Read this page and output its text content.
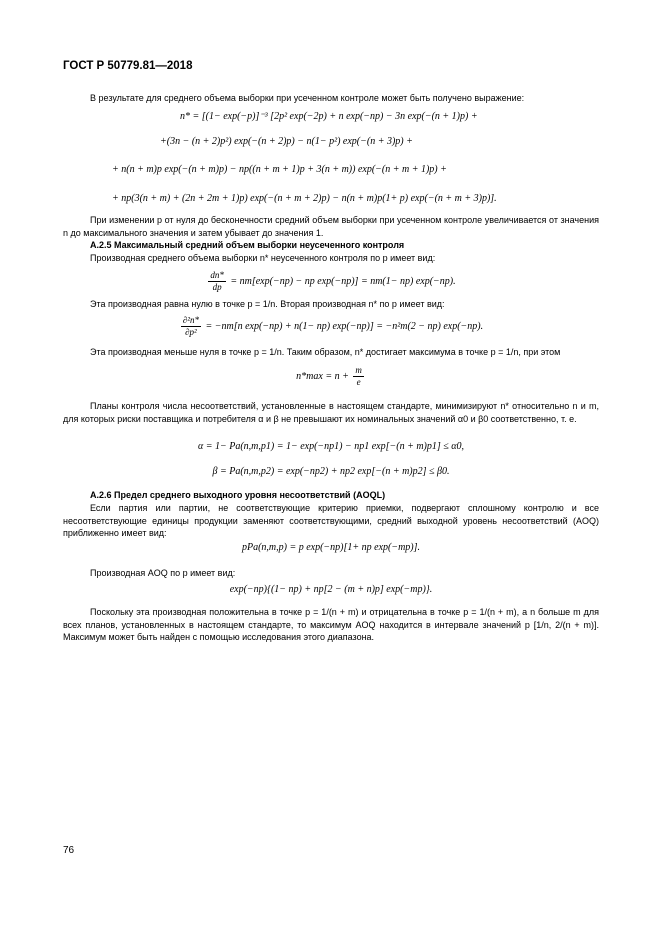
ГОСТ Р 50779.81—2018
В результате для среднего объема выборки при усеченном контроле может быть получено выражение:
n* = [(1− exp(−p)]⁻³ [2p² exp(−2p) + n exp(−np) − 3n exp(−(n + 1)p) +
+(3n − (n + 2)p²) exp(−(n + 2)p) − n(1− p²) exp(−(n + 3)p) +
+ n(n + m)p exp(−(n + m)p) − np((n + m + 1)p + 3(n + m)) exp(−(n + m + 1)p) +
+ np(3(n + m) + (2n + 2m + 1)p) exp(−(n + m + 2)p) − n(n + m)p(1+ p) exp(−(n + m + 3)p)].
При изменении p от нуля до бесконечности средний объем выборки при усеченном контроле увеличивается от значения n до максимального значения и затем убывает до значения 1.
А.2.5 Максимальный средний объем выборки неусеченного контроля
Производная среднего объема выборки n* неусеченного контроля по p имеет вид:
$\frac{dn*}{dp} = nm[\exp(-np)$ − np exp(−np)] = nm(1− np) exp(−np).
Эта производная равна нулю в точке p = 1/n. Вторая производная n* по p имеет вид:
$\frac{\text{∂²n*}}{\text{∂p²}} = -nm[n$ exp(−np) + n(1− np) exp(−np)] = −n²m(2 − np) exp(−np).
Эта производная меньше нуля в точке p = 1/n. Таким образом, n* достигает максимума в точке p = 1/n, при этом
$n*\max = n + \frac{m}{e}$
Планы контроля числа несоответствий, установленные в настоящем стандарте, минимизируют n* относительно n и m, для которых риски поставщика и потребителя α и β не превышают их номинальных значений α0 и β0 соответственно, т. е.
α = 1− Pa(n,m,p1) = 1− exp(−np1) − np1 exp[−(n + m)p1] ≤ α0,
β = Pa(n,m,p2) = exp(−np2) + np2 exp[−(n + m)p2] ≤ β0.
А.2.6 Предел среднего выходного уровня несоответствий (AOQL)
Если партия или партии, не соответствующие критерию приемки, подвергают сплошному контролю и все несоответствующие единицы продукции заменяют соответствующими, средний выходной уровень несоответствий (AOQ) приближенно имеет вид:
pPa(n,m,p) = p exp(−np)[1+ np exp(−mp)].
Производная AOQ по p имеет вид:
exp(−np){(1− np) + np[2 − (m + n)p] exp(−mp)}.
Поскольку эта производная положительна в точке p = 1/(n + m) и отрицательна в точке p = 1/(n + m), а n больше m для всех планов, установленных в настоящем стандарте, то максимум AOQ находится в интервале значений p [1/n, 2/(n + m)]. Максимум может быть найден с помощью исследования этого диапазона.
76
